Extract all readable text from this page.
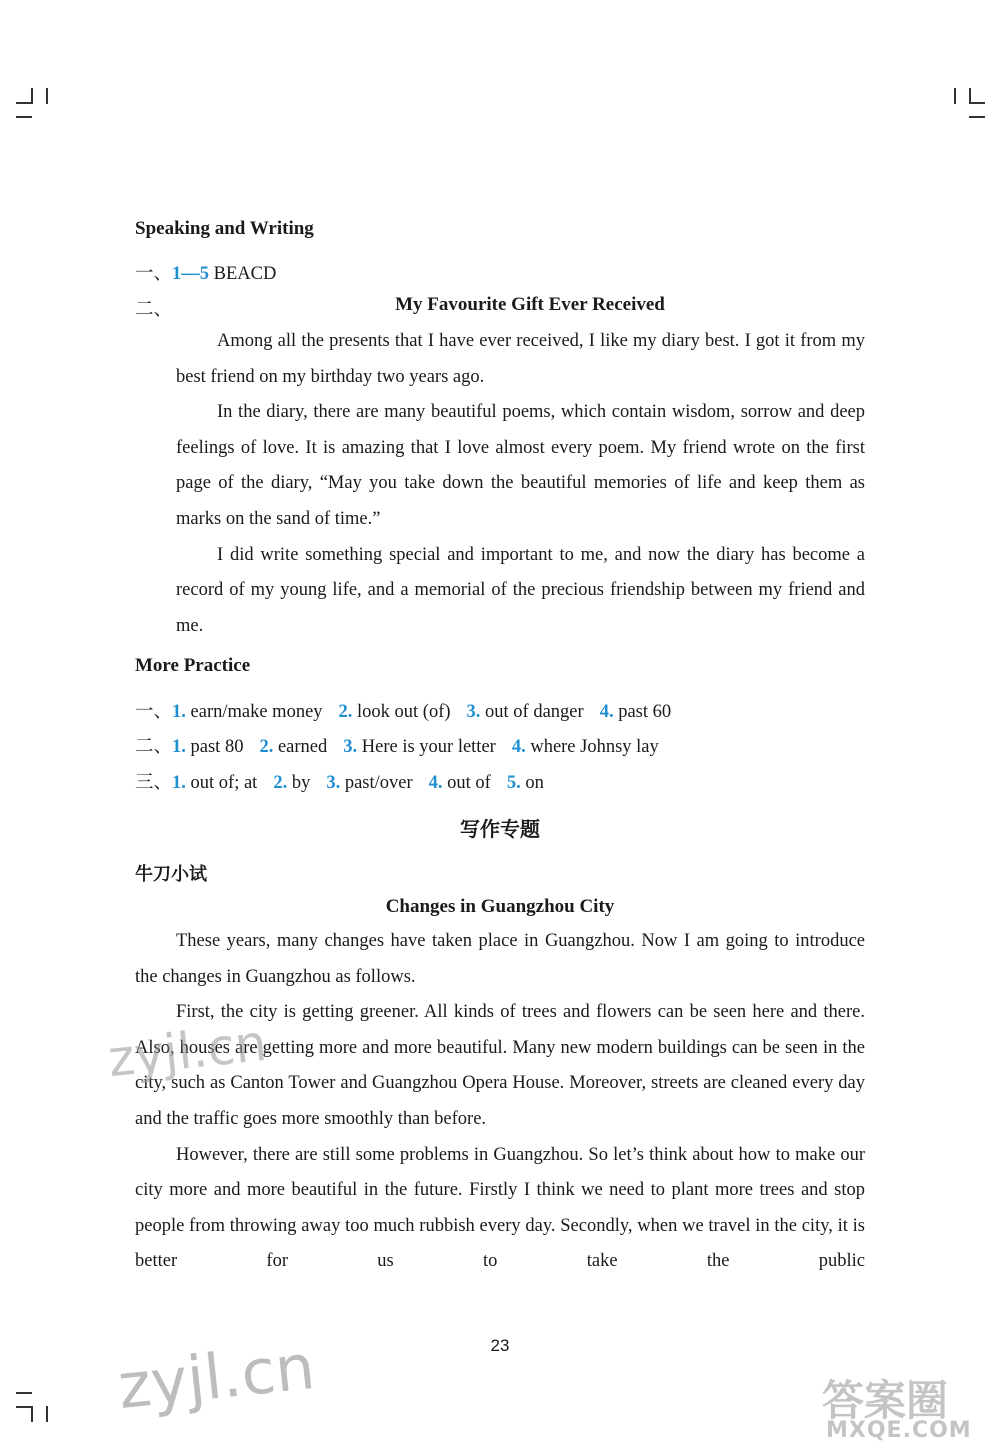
Speaking and Writing
一、1—5 BEACD
二、	My Favourite Gift Ever Received
Among all the presents that I have ever received, I like my diary best. I got it from my best friend on my birthday two years ago.
In the diary, there are many beautiful poems, which contain wisdom, sorrow and deep feelings of love. It is amazing that I love almost every poem. My friend wrote on the first page of the diary, “May you take down the beautiful memories of life and keep them as marks on the sand of time.”
I did write something special and important to me, and now the diary has become a record of my young life, and a memorial of the precious friendship between my friend and me.
More Practice
一、1. earn/make money 2. look out (of) 3. out of danger 4. past 60
二、1. past 80 2. earned 3. Here is your letter 4. where Johnsy lay
三、1. out of; at 2. by 3. past/over 4. out of 5. on
写作专题
牛刀小试
Changes in Guangzhou City
These years, many changes have taken place in Guangzhou. Now I am going to introduce the changes in Guangzhou as follows.
First, the city is getting greener. All kinds of trees and flowers can be seen here and there. Also, houses are getting more and more beautiful. Many new modern buildings can be seen in the city, such as Canton Tower and Guangzhou Opera House. Moreover, streets are cleaned every day and the traffic goes more smoothly than before.
However, there are still some problems in Guangzhou. So let’s think about how to make our city more and more beautiful in the future. Firstly I think we need to plant more trees and stop people from throwing away too much rubbish every day. Secondly, when we travel in the city, it is better for us to take the public
23
zyjl.cn
zyjl.cn	答案圈
MXQE.COM
